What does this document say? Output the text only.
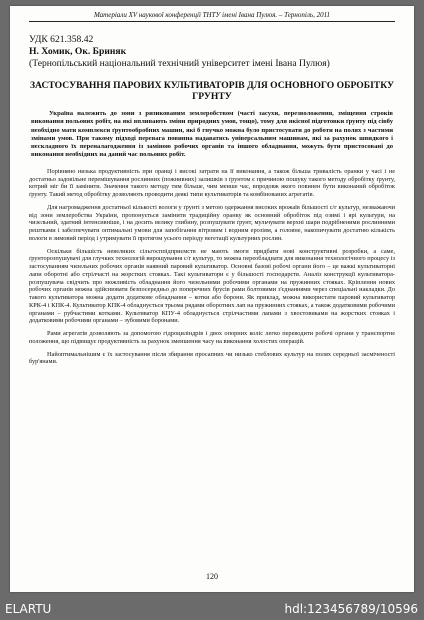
Матеріали XV наукової конференції ТНТУ імені Івана Пулюя. – Тернопіль, 2011
УДК 621.358.42
Н. Хомик, Ок. Бриняк
(Тернопільський національний технічний університет імені Івана Пулюя)
ЗАСТОСУВАННЯ ПАРОВИХ КУЛЬТИВАТОРІВ ДЛЯ ОСНОВНОГО ОБРОБІТКУ ГРУНТУ
Україна належить до зони з ризикованим землеробством (часті засухи, перезволоження, зміщення строків виконання польових робіт, на які впливають зміни природних умов, тощо), тому для якісної підготовки ґрунту під сівбу необхідно мати комплекси ґрунтообробних машин, які б гнучко можна було пристосувати до роботи на полях з частими змінами умов. При такому підході перевага повинна надаватись універсальним машинам, які за рахунок швидкого і нескладного їх переналагодження із заміною робочих органів та іншого обладнання, можуть бути пристосовані до виконання необхідних на даний час польових робіт.
Порівняно низька продуктивність при оранці і високі затрати на її виконання, а також більша тривалість оранки у часі і не достатньо задовільне перемішування рослинних (пожнивних) залишків з ґрунтом є причиною пошуку такого методу обробітку ґрунту, котрий міг би її замінити. Значення такого методу тим більше, чим менше час, впродовж якого повинен бути виконаний обробіток ґрунту. Такий метод обробітку дозволяють проводити деякі типи культиваторів та комбінованих агрегатів.
Для нагромадження достатньої кількості вологи у ґрунті з метою одержання високих врожаїв більшості с/г культур, незважаючи від зони землеробства України, пропонується замінити традиційну оранку як основний обробіток під озимі і ярі культури, на чизельний, здатний інтенсивніше, і на досить велику глибину, розпушувати ґрунт, мульчувати верхні шари подрібненими рослинними рештками і забезпечувати оптимальні умови для запобігання вітровим і водним ерозіям, а головне, накопичувати достатню кількість вологи в зимовий період і утримувати її протягом усього періоду вегетації культурних рослин.
Оскільки більшість невеликих сільгосппідприємств не мають змоги придбати нові конструктивні розробки, а саме, ґрунторозпушувачі для глучких технологій вирощування с/г культур, то можна переобладнати для виконання технологічного процесу із застосуванням чизельних робочих органів наявний паровий культиватор. Основні базові робочі органи його – це важкі культиваторні лапи оборотні або стрілчасті на жорстких стояках. Такі культиватори є у більшості господарств. Аналіз конструкції культиватора-розпушувача свідчить про можливість обладнання його чизельними робочими органами на пружинних стояках. Кріплення нових робочих органів можна здійснювати безпосередньо до поперечних брусів рами болтовими з'єднаннями через спеціальні накладки. До такого культиватора можна додати додаткове обладнання – котки або борони. Як приклад, можна використати паровий культиватор КРК-4 і КПК-4. Культиватор КПК-4 обладнується трьома рядами оборотних лап на пружинних стояках, а також додатковими робочими органами – рубчастими котками. Культиватор КПУ-4 обладнується стрілчастими лапами з хвостовиками на жорстких стояках і додатковими робочими органами – зубовими боронами.
Рами агрегатів дозволяють за допомогою гідроциліндрів і двох опорних коліс легко переводити робочі органи у транспортне положення, що підвищує продуктивність за рахунок зменшення часу на виконання холостих операцій.
Найоптимальнішим є їх застосування після збирання просапних чи низько стеблових культур на полях середньої засміченості бур'янами.
120
ELARTU	hdl:123456789/10596
